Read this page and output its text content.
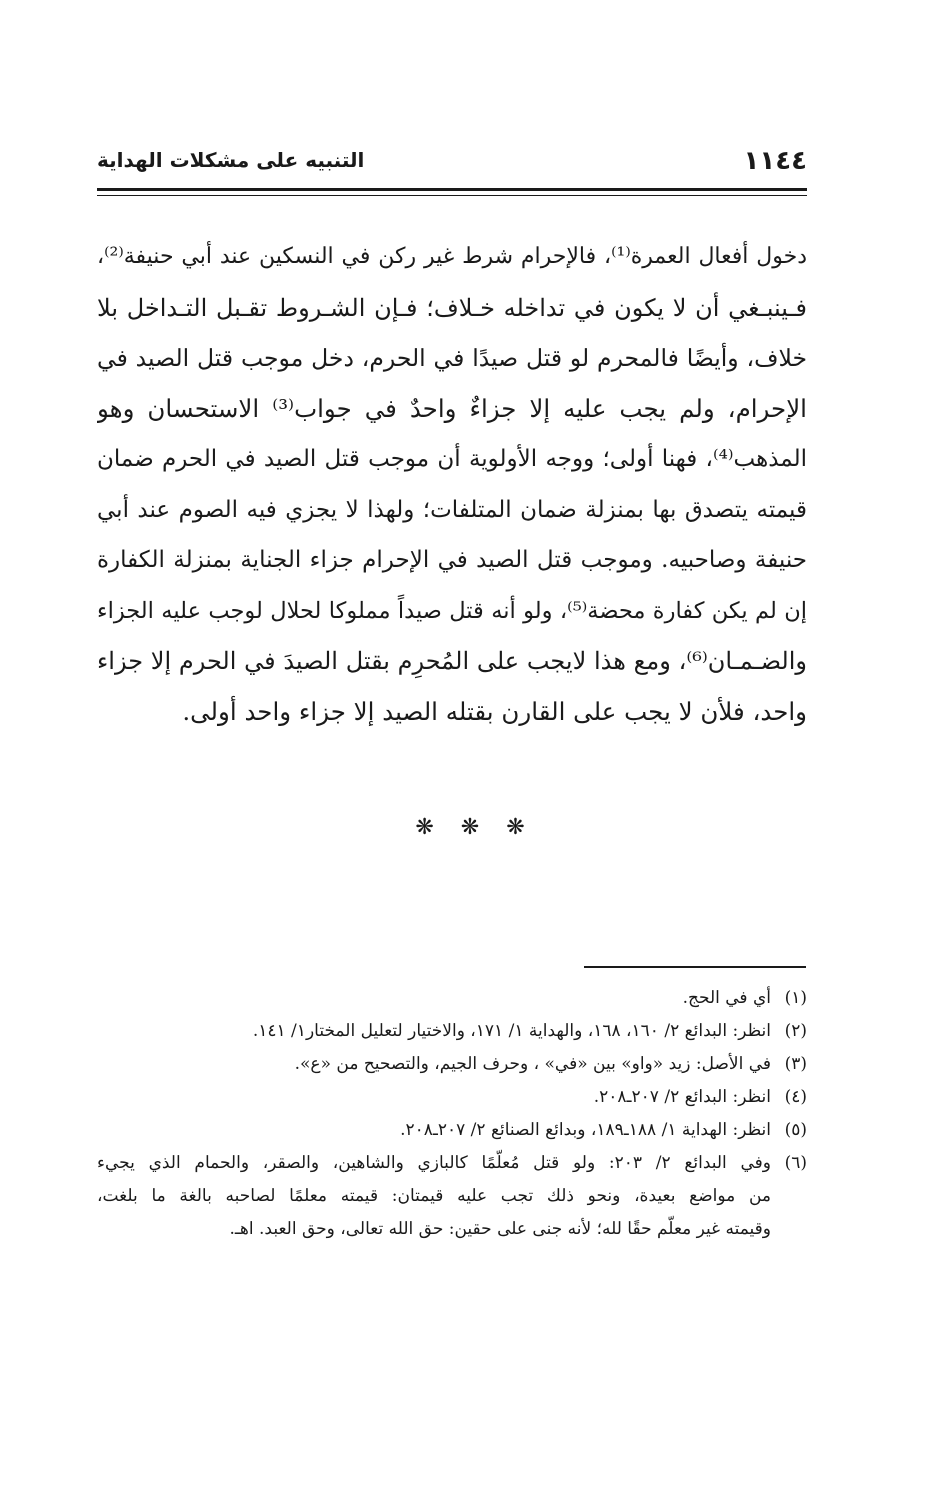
١١٤٤
التنبيه على مشكلات الهداية
دخول أفعال العمرة⁽¹⁾، فالإحرام شرط غير ركن في النسكين عند أبي حنيفة⁽²⁾،
فـينبـغي أن لا يكون في تداخله خـلاف؛ فـإن الشـروط تقـبل التـداخل بلا
خلاف، وأيضًا فالمحرم لو قتل صيدًا في الحرم، دخل موجب قتل الصيد في
الإحرام، ولم يجب عليه إلا جزاءٌ واحدٌ في جواب⁽³⁾ الاستحسان وهو
المذهب⁽⁴⁾، فهنا أولى؛ ووجه الأولوية أن موجب قتل الصيد في الحرم ضمان
قيمته يتصدق بها بمنزلة ضمان المتلفات؛ ولهذا لا يجزي فيه الصوم عند أبي
حنيفة وصاحبيه. وموجب قتل الصيد في الإحرام جزاء الجناية بمنزلة الكفارة
إن لم يكن كفارة محضة⁽⁵⁾، ولو أنه قتل صيداً مملوكا لحلال لوجب عليه الجزاء
والضـمـان⁽⁶⁾، ومع هذا لايجب على المُحرِم بقتل الصيدَ في الحرم إلا جزاء
واحد، فلأن لا يجب على القارن بقتله الصيد إلا جزاء واحد أولى.
❋ ❋ ❋
(١)
أي في الحج.
(٢)
انظر: البدائع ٢/ ١٦٠، ١٦٨، والهداية ١/ ١٧١، والاختيار لتعليل المختار١/ ١٤١.
(٣)
في الأصل: زيد «واو» بين «في» ، وحرف الجيم، والتصحيح من «ع».
(٤)
انظر: البدائع ٢/ ٢٠٧ـ٢٠٨.
(٥)
انظر: الهداية ١/ ١٨٨ـ١٨٩، وبدائع الصنائع ٢/ ٢٠٧ـ٢٠٨.
(٦)
وفي البدائع ٢/ ٢٠٣: ولو قتل مُعلّمًا كالبازي والشاهين، والصقر، والحمام الذي يجيء
من مواضع بعيدة، ونحو ذلك تجب عليه قيمتان: قيمته معلمًا لصاحبه بالغة ما بلغت،
وقيمته غير معلّم حقًا لله؛ لأنه جنى على حقين: حق الله تعالى، وحق العبد. اهـ.
